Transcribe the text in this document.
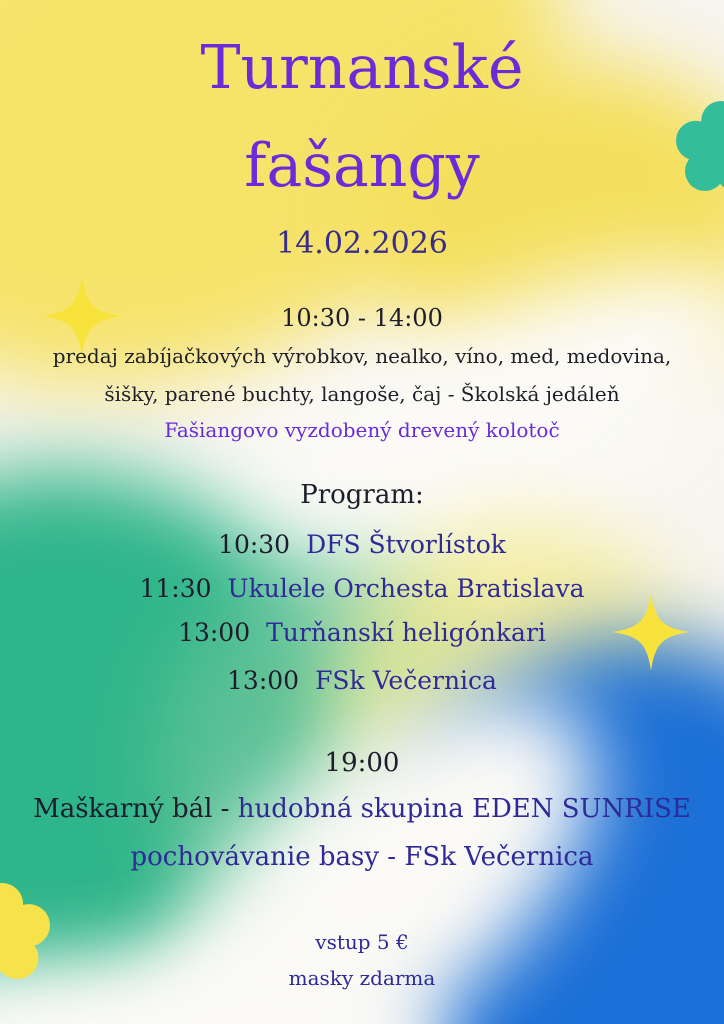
Turnanské
fašangy
14.02.2026
10:30 - 14:00
predaj zabíjačkových výrobkov, nealko, víno, med, medovina,
šišky, parené buchty, langoše, čaj - Školská jedáleň
Fašiangovo vyzdobený drevený kolotoč
Program:
10:30 DFS Štvorlístok
11:30 Ukulele Orchesta Bratislava
13:00 Turňanskí heligónkari
13:00 FSk Večernica
19:00
Maškarný bál - hudobná skupina EDEN SUNRISE
pochovávanie basy - FSk Večernica
vstup 5 €
masky zdarma
